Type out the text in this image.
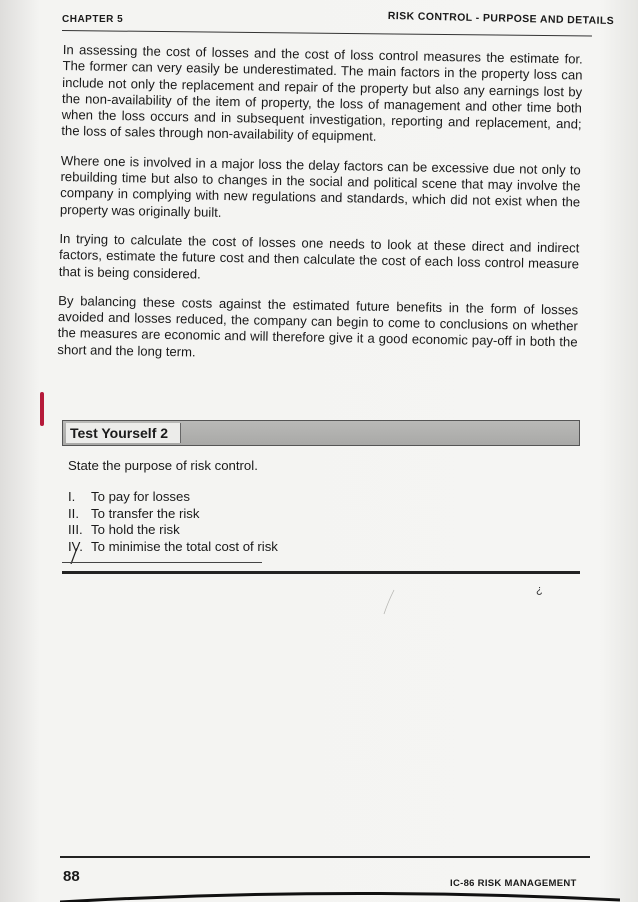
CHAPTER 5	RISK CONTROL - PURPOSE AND DETAILS

In assessing the cost of losses and the cost of loss control measures the estimate for. The former can very easily be underestimated. The main factors in the property loss can include not only the replacement and repair of the property but also any earnings lost by the non-availability of the item of property, the loss of management and other time both when the loss occurs and in subsequent investigation, reporting and replacement, and; the loss of sales through non-availability of equipment.

Where one is involved in a major loss the delay factors can be excessive due not only to rebuilding time but also to changes in the social and political scene that may involve the company in complying with new regulations and standards, which did not exist when the property was originally built.

In trying to calculate the cost of losses one needs to look at these direct and indirect factors, estimate the future cost and then calculate the cost of each loss control measure that is being considered.

By balancing these costs against the estimated future benefits in the form of losses avoided and losses reduced, the company can begin to come to conclusions on whether the measures are economic and will therefore give it a good economic pay-off in both the short and the long term.

Test Yourself 2
State the purpose of risk control.
I. To pay for losses
II. To transfer the risk
III. To hold the risk
IV. To minimise the total cost of risk
¿
88	IC-86 RISK MANAGEMENT
